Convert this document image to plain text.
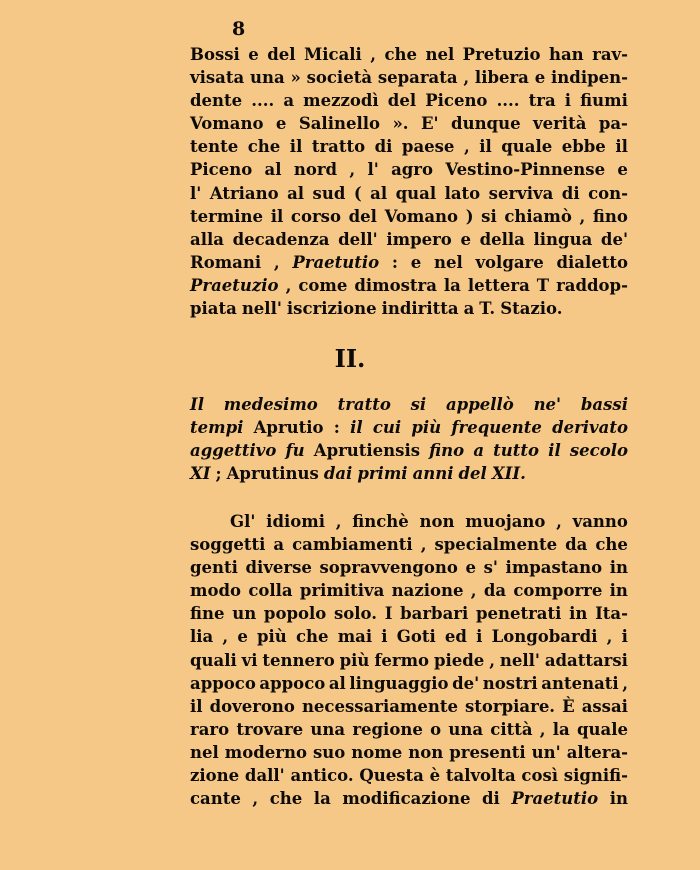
8
Bossi e del Micali , che nel Pretuzio han rav-
visata una » società separata , libera e indipen-
dente .... a mezzodì del Piceno .... tra i fiumi
Vomano e Salinello ». E' dunque verità pa-
tente che il tratto di paese , il quale ebbe il
Piceno al nord , l' agro Vestino-Pinnense e
l' Atriano al sud ( al qual lato serviva di con-
termine il corso del Vomano ) si chiamò , fino
alla decadenza dell' impero e della lingua de'
Romani , Praetutio : e nel volgare dialetto
Praetuzio , come dimostra la lettera T raddop-
piata nell' iscrizione indiritta a T. Stazio.
II.
Il medesimo tratto si appellò ne' bassi
tempi Aprutio : il cui più frequente derivato
aggettivo fu Aprutiensis fino a tutto il secolo
XI ; Aprutinus dai primi anni del XII.
Gl' idiomi , finchè non muojano , vanno
soggetti a cambiamenti , specialmente da che
genti diverse sopravvengono e s' impastano in
modo colla primitiva nazione , da comporre in
fine un popolo solo. I barbari penetrati in Ita-
lia , e più che mai i Goti ed i Longobardi , i
quali vi tennero più fermo piede , nell' adattarsi
appoco appoco al linguaggio de' nostri antenati ,
il doverono necessariamente storpiare. È assai
raro trovare una regione o una città , la quale
nel moderno suo nome non presenti un' altera-
zione dall' antico. Questa è talvolta così signifi-
cante , che la modificazione di Praetutio in
